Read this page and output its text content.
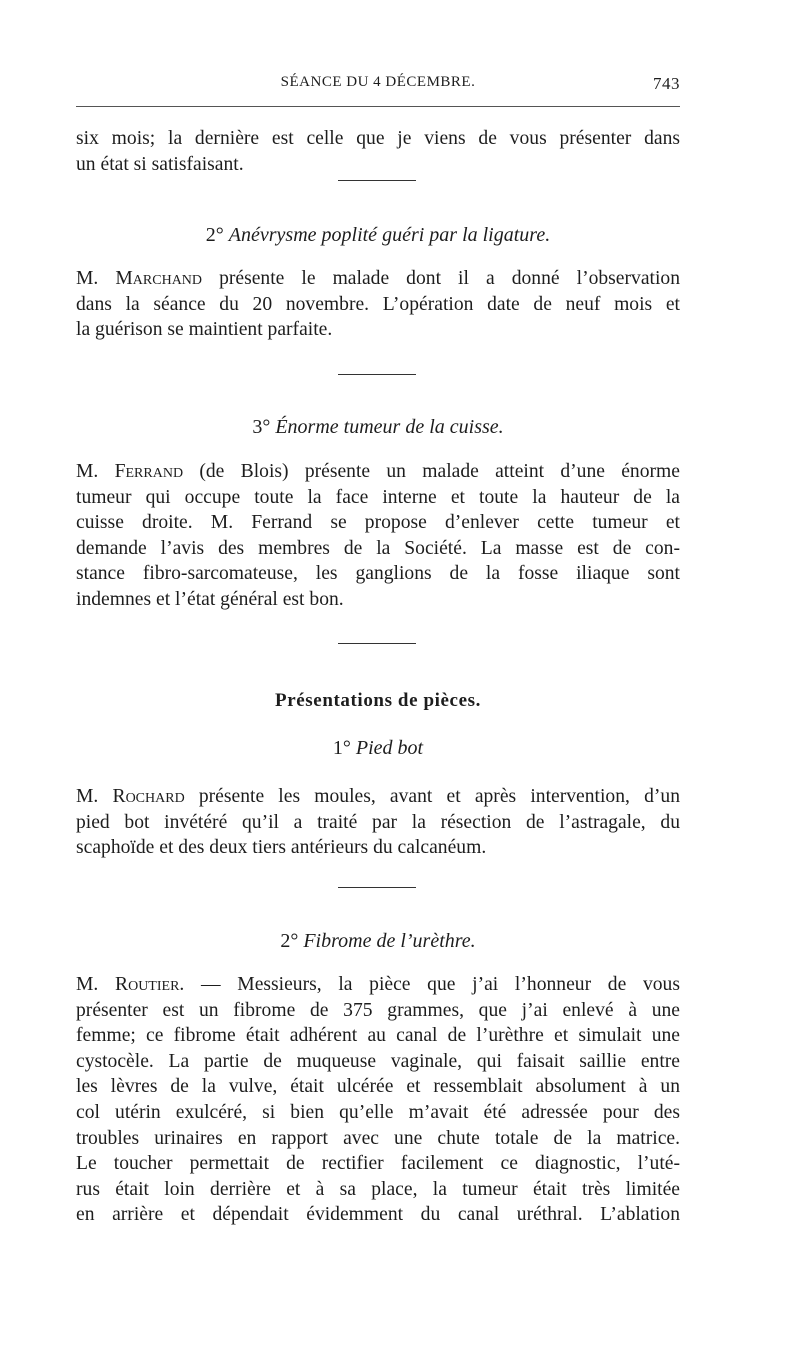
SÉANCE DU 4 DÉCEMBRE.	743
six mois; la dernière est celle que je viens de vous présenter dans
un état si satisfaisant.
2° Anévrysme poplité guéri par la ligature.
M. Marchand présente le malade dont il a donné l’observation
dans la séance du 20 novembre. L’opération date de neuf mois et
la guérison se maintient parfaite.
3° Énorme tumeur de la cuisse.
M. Ferrand (de Blois) présente un malade atteint d’une énorme
tumeur qui occupe toute la face interne et toute la hauteur de la
cuisse droite. M. Ferrand se propose d’enlever cette tumeur et
demande l’avis des membres de la Société. La masse est de con-
stance fibro-sarcomateuse, les ganglions de la fosse iliaque sont
indemnes et l’état général est bon.
Présentations de pièces.
1° Pied bot
M. Rochard présente les moules, avant et après intervention, d’un
pied bot invétéré qu’il a traité par la résection de l’astragale, du
scaphoïde et des deux tiers antérieurs du calcanéum.
2° Fibrome de l’urèthre.
M. Routier. — Messieurs, la pièce que j’ai l’honneur de vous
présenter est un fibrome de 375 grammes, que j’ai enlevé à une
femme; ce fibrome était adhérent au canal de l’urèthre et simulait une
cystocèle. La partie de muqueuse vaginale, qui faisait saillie entre
les lèvres de la vulve, était ulcérée et ressemblait absolument à un
col utérin exulcéré, si bien qu’elle m’avait été adressée pour des
troubles urinaires en rapport avec une chute totale de la matrice.
Le toucher permettait de rectifier facilement ce diagnostic, l’uté-
rus était loin derrière et à sa place, la tumeur était très limitée
en arrière et dépendait évidemment du canal uréthral. L’ablation
